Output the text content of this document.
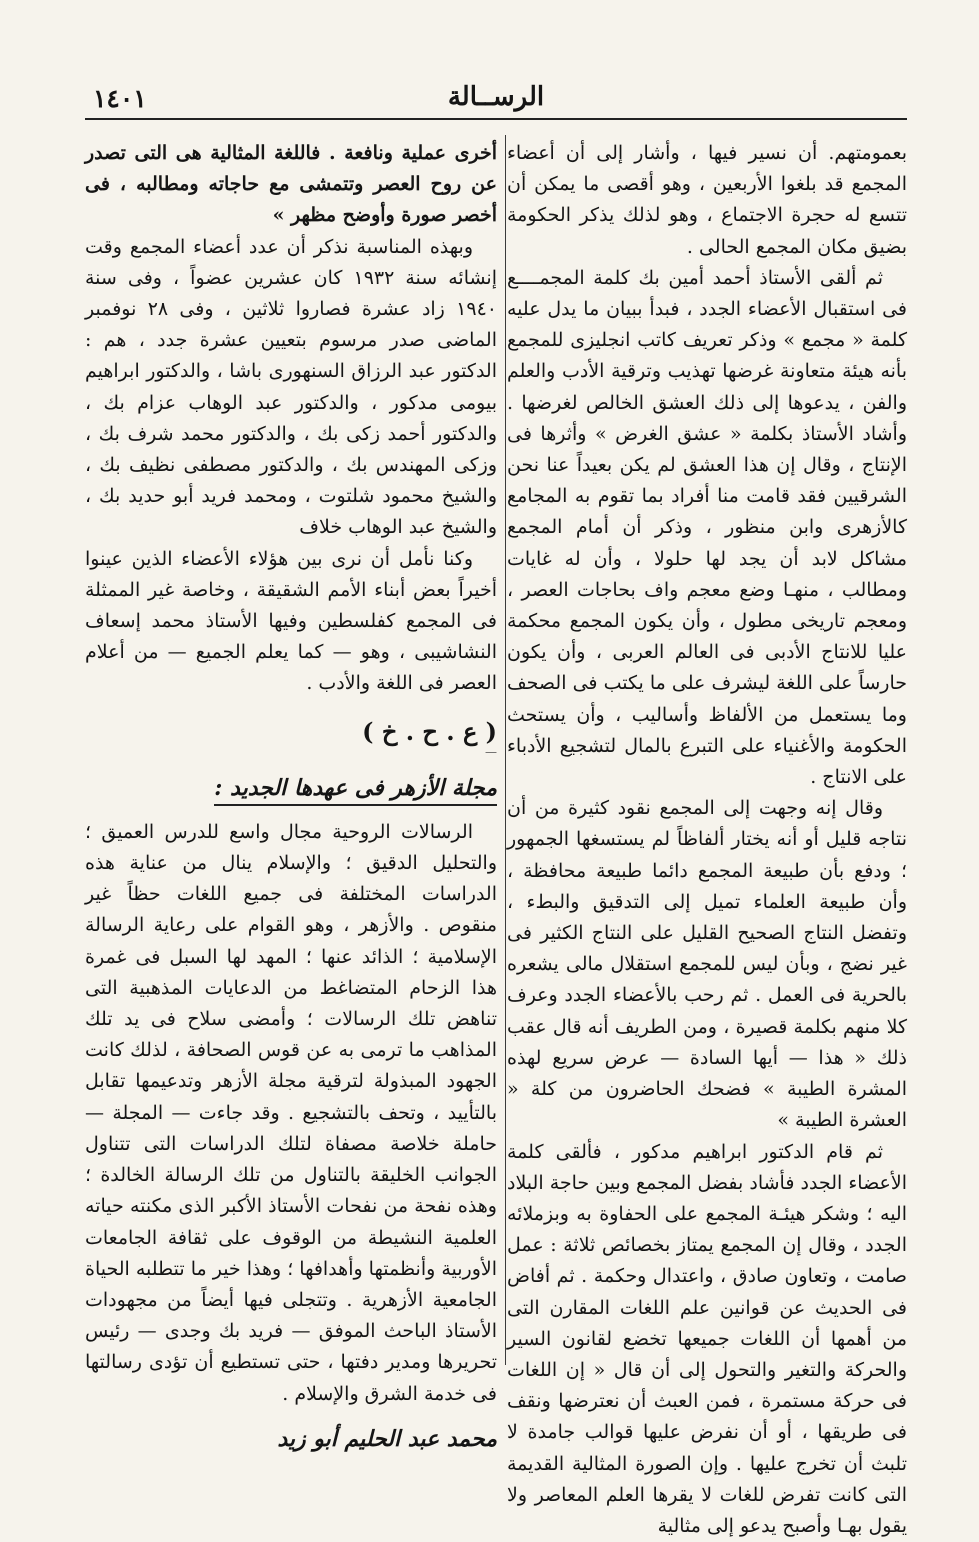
الرســالة
١٤٠١

بعمومتهم. أن نسير فيها ، وأشار إلى أن أعضاء المجمع قد بلغوا الأربعين ، وهو أقصى ما يمكن أن تتسع له حجرة الاجتماع ، وهو لذلك يذكر الحكومة بضيق مكان المجمع الحالى .

ثم ألقى الأستاذ أحمد أمين بك كلمة المجمــــع فى استقبال الأعضاء الجدد ، فبدأ ببيان ما يدل عليه كلمة « مجمع » وذكر تعريف كاتب انجليزى للمجمع بأنه هيئة متعاونة غرضها تهذيب وترقية الأدب والعلم والفن ، يدعوها إلى ذلك العشق الخالص لغرضها . وأشاد الأستاذ بكلمة « عشق الغرض » وأثرها فى الإنتاج ، وقال إن هذا العشق لم يكن بعيداً عنا نحن الشرقيين فقد قامت منا أفراد بما تقوم به المجامع كالأزهرى وابن منظور ، وذكر أن أمام المجمع مشاكل لابد أن يجد لها حلولا ، وأن له غايات ومطالب ، منهـا وضع معجم واف بحاجات العصر ، ومعجم تاريخى مطول ، وأن يكون المجمع محكمة عليا للانتاج الأدبى فى العالم العربى ، وأن يكون حارساً على اللغة ليشرف على ما يكتب فى الصحف وما يستعمل من الألفاظ وأساليب ، وأن يستحث الحكومة والأغنياء على التبرع بالمال لتشجيع الأدباء على الانتاج .

وقال إنه وجهت إلى المجمع نقود كثيرة من أن نتاجه قليل أو أنه يختار ألفاظاً لم يستسغها الجمهور ؛ ودفع بأن طبيعة المجمع دائما طبيعة محافظة ، وأن طبيعة العلماء تميل إلى التدقيق والبطء ، وتفضل النتاج الصحيح القليل على النتاج الكثير فى غير نضج ، وبأن ليس للمجمع استقلال مالى يشعره بالحرية فى العمل . ثم رحب بالأعضاء الجدد وعرف كلا منهم بكلمة قصيرة ، ومن الطريف أنه قال عقب ذلك « هذا — أيها السادة — عرض سريع لهذه المشرة الطيبة » فضحك الحاضرون من كلة « العشرة الطيبة »

ثم قام الدكتور ابراهيم مدكور ، فألقى كلمة الأعضاء الجدد فأشاد بفضل المجمع وبين حاجة البلاد اليه ؛ وشكر هيئـة المجمع على الحفاوة به وبزملائه الجدد ، وقال إن المجمع يمتاز بخصائص ثلاثة : عمل صامت ، وتعاون صادق ، واعتدال وحكمة . ثم أفاض فى الحديث عن قوانين علم اللغات المقارن التى من أهمها أن اللغات جميعها تخضع لقانون السير والحركة والتغير والتحول إلى أن قال « إن اللغات فى حركة مستمرة ، فمن العبث أن نعترضها ونقف فى طريقها ، أو أن نفرض عليها قوالب جامدة لا تلبث أن تخرج عليها . وإن الصورة المثالية القديمة التى كانت تفرض للغات لا يقرها العلم المعاصر ولا يقول بهـا وأصبح يدعو إلى مثالية

أخرى عملية ونافعة . فاللغة المثالية هى التى تصدر عن روح العصر وتتمشى مع حاجاته ومطالبه ، فى أخصر صورة وأوضح مظهر »

وبهذه المناسبة نذكر أن عدد أعضاء المجمع وقت إنشائه سنة ١٩٣٢ كان عشرين عضواً ، وفى سنة ١٩٤٠ زاد عشرة فصاروا ثلاثين ، وفى ٢٨ نوفمبر الماضى صدر مرسوم بتعيين عشرة جدد ، هم : الدكتور عبد الرزاق السنهورى باشا ، والدكتور ابراهيم بيومى مدكور ، والدكتور عبد الوهاب عزام بك ، والدكتور أحمد زكى بك ، والدكتور محمد شرف بك ، وزكى المهندس بك ، والدكتور مصطفى نظيف بك ، والشيخ محمود شلتوت ، ومحمد فريد أبو حديد بك ، والشيخ عبد الوهاب خلاف

وكنا نأمل أن نرى بين هؤلاء الأعضاء الذين عينوا أخيراً بعض أبناء الأمم الشقيقة ، وخاصة غير الممثلة فى المجمع كفلسطين وفيها الأستاذ محمد إسعاف النشاشيبى ، وهو — كما يعلم الجميع — من أعلام العصر فى اللغة والأدب .

( ع . ح . خ )
—
مجلة الأزهر فى عهدها الجديد :

الرسالات الروحية مجال واسع للدرس العميق ؛ والتحليل الدقيق ؛ والإسلام ينال من عناية هذه الدراسات المختلفة فى جميع اللغات حظاً غير منقوص . والأزهر ، وهو القوام على رعاية الرسالة الإسلامية ؛ الذائد عنها ؛ المهد لها السبل فى غمرة هذا الزحام المتضاغط من الدعايات المذهبية التى تناهض تلك الرسالات ؛ وأمضى سلاح فى يد تلك المذاهب ما ترمى به عن قوس الصحافة ، لذلك كانت الجهود المبذولة لترقية مجلة الأزهر وتدعيمها تقابل بالتأييد ، وتحف بالتشجيع . وقد جاءت — المجلة — حاملة خلاصة مصفاة لتلك الدراسات التى تتناول الجوانب الخليقة بالتناول من تلك الرسالة الخالدة ؛ وهذه نفحة من نفحات الأستاذ الأكبر الذى مكنته حياته العلمية النشيطة من الوقوف على ثقافة الجامعات الأوربية وأنظمتها وأهدافها ؛ وهذا خير ما تتطلبه الحياة الجامعية الأزهرية . وتتجلى فيها أيضاً من مجهودات الأستاذ الباحث الموفق — فريد بك وجدى — رئيس تحريرها ومدير دفتها ، حتى تستطيع أن تؤدى رسالتها فى خدمة الشرق والإسلام .

محمد عبد الحليم أبو زيد
